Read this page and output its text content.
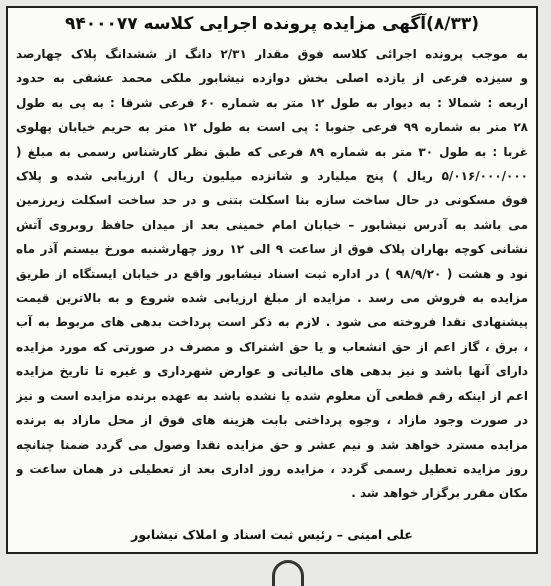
(۸/۳۳)آگهی مزایده پرونده اجرایی کلاسه ۹۴۰۰۰۷۷
به موجب پرونده اجرائی کلاسه فوق مقدار ۲/۳۱ دانگ از ششدانگ پلاک چهارصد
و سیزده فرعی از یازده اصلی بخش دوازده نیشابور ملکی محمد عشقی به حدود
اربعه : شمالا : به دیوار به طول ۱۲ متر به شماره ۶۰ فرعی شرقا : به پی به طول
۲۸ متر به شماره ۹۹ فرعی جنوبا : پی است به طول ۱۲ متر به حریم خیابان پهلوی
غربا : به طول ۳۰ متر به شماره ۸۹ فرعی که طبق نظر کارشناس رسمی به مبلغ (
۵/۰۱۶/۰۰۰/۰۰۰ ریال ) پنج میلیارد و شانزده میلیون ریال ) ارزیابی شده و پلاک
فوق مسکونی در حال ساخت سازه بنا اسکلت بتنی و در حد ساخت اسکلت زیرزمین
می باشد به آدرس نیشابور – خیابان امام خمینی بعد از میدان حافظ روبروی آتش
نشانی کوچه بهاران پلاک فوق از ساعت ۹ الی ۱۲ روز چهارشنبه مورخ بیستم آذر ماه
نود و هشت ( ۹۸/۹/۲۰ ) در اداره ثبت اسناد نیشابور واقع در خیابان ایستگاه از طریق
مزایده به فروش می رسد . مزایده از مبلغ ارزیابی شده شروع و به بالاترین قیمت
پیشنهادی نقدا فروخته می شود . لازم به ذکر است پرداخت بدهی های مربوط به آب
، برق ، گاز اعم از حق انشعاب و یا حق اشتراک و مصرف در صورتی که مورد مزایده
دارای آنها باشد و نیز بدهی های مالیاتی و عوارض شهرداری و غیره تا تاریخ مزایده
اعم از اینکه رقم قطعی آن معلوم شده یا نشده باشد به عهده برنده مزایده است و نیز
در صورت وجود مازاد ، وجوه پرداختی بابت هزینه های فوق از محل مازاد به برنده
مزایده مسترد خواهد شد و نیم عشر و حق مزایده نقدا وصول می گردد ضمنا چنانچه
روز مزایده تعطیل رسمی گردد ، مزایده روز اداری بعد از تعطیلی در همان ساعت و
مکان مقرر برگزار خواهد شد .
علی امینی – رئیس ثبت اسناد و املاک نیشابور
